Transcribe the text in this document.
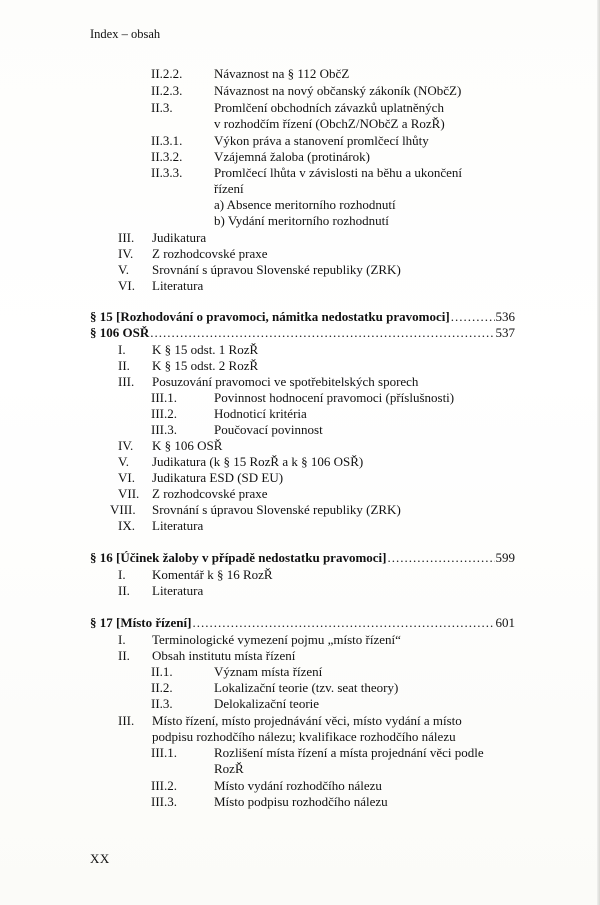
Index – obsah
II.2.2. Návaznost na § 112 ObčZ
II.2.3. Návaznost na nový občanský zákoník (NObčZ)
II.3.	Promlčení obchodních závazků uplatněných
v rozhodčím řízení (ObchZ/NObčZ a RozŘ)
II.3.1. Výkon práva a stanovení promlčecí lhůty
II.3.2. Vzájemná žaloba (protinárok)
II.3.3. Promlčecí lhůta v závislosti na běhu a ukončení
řízení
a) Absence meritorního rozhodnutí
b) Vydání meritorního rozhodnutí
III. Judikatura
IV. Z rozhodcovské praxe
V. Srovnání s úpravou Slovenské republiky (ZRK)
VI. Literatura
§ 15 [Rozhodování o pravomoci, námitka nedostatku pravomoci] .....	536
§ 106 OSŘ .....	537
I. K § 15 odst. 1 RozŘ
II. K § 15 odst. 2 RozŘ
III. Posuzování pravomoci ve spotřebitelských sporech
III.1.	Povinnost hodnocení pravomoci (příslušnosti)
III.2.	Hodnoticí kritéria
III.3.	Poučovací povinnost
IV. K § 106 OSŘ
V. Judikatura (k § 15 RozŘ a k § 106 OSŘ)
VI. Judikatura ESD (SD EU)
VII. Z rozhodcovské praxe
VIII. Srovnání s úpravou Slovenské republiky (ZRK)
IX. Literatura
§ 16 [Účinek žaloby v případě nedostatku pravomoci] .....	599
I. Komentář k § 16 RozŘ
II. Literatura
§ 17 [Místo řízení] .....	601
I. Terminologické vymezení pojmu „místo řízení“
II. Obsah institutu místa řízení
II.1.	Význam místa řízení
II.2.	Lokalizační teorie (tzv. seat theory)
II.3.	Delokalizační teorie
III. Místo řízení, místo projednávání věci, místo vydání a místo
podpisu rozhodčího nálezu; kvalifikace rozhodčího nálezu
III.1.	Rozlišení místa řízení a místa projednání věci podle
RozŘ
III.2.	Místo vydání rozhodčího nálezu
III.3.	Místo podpisu rozhodčího nálezu
XX
